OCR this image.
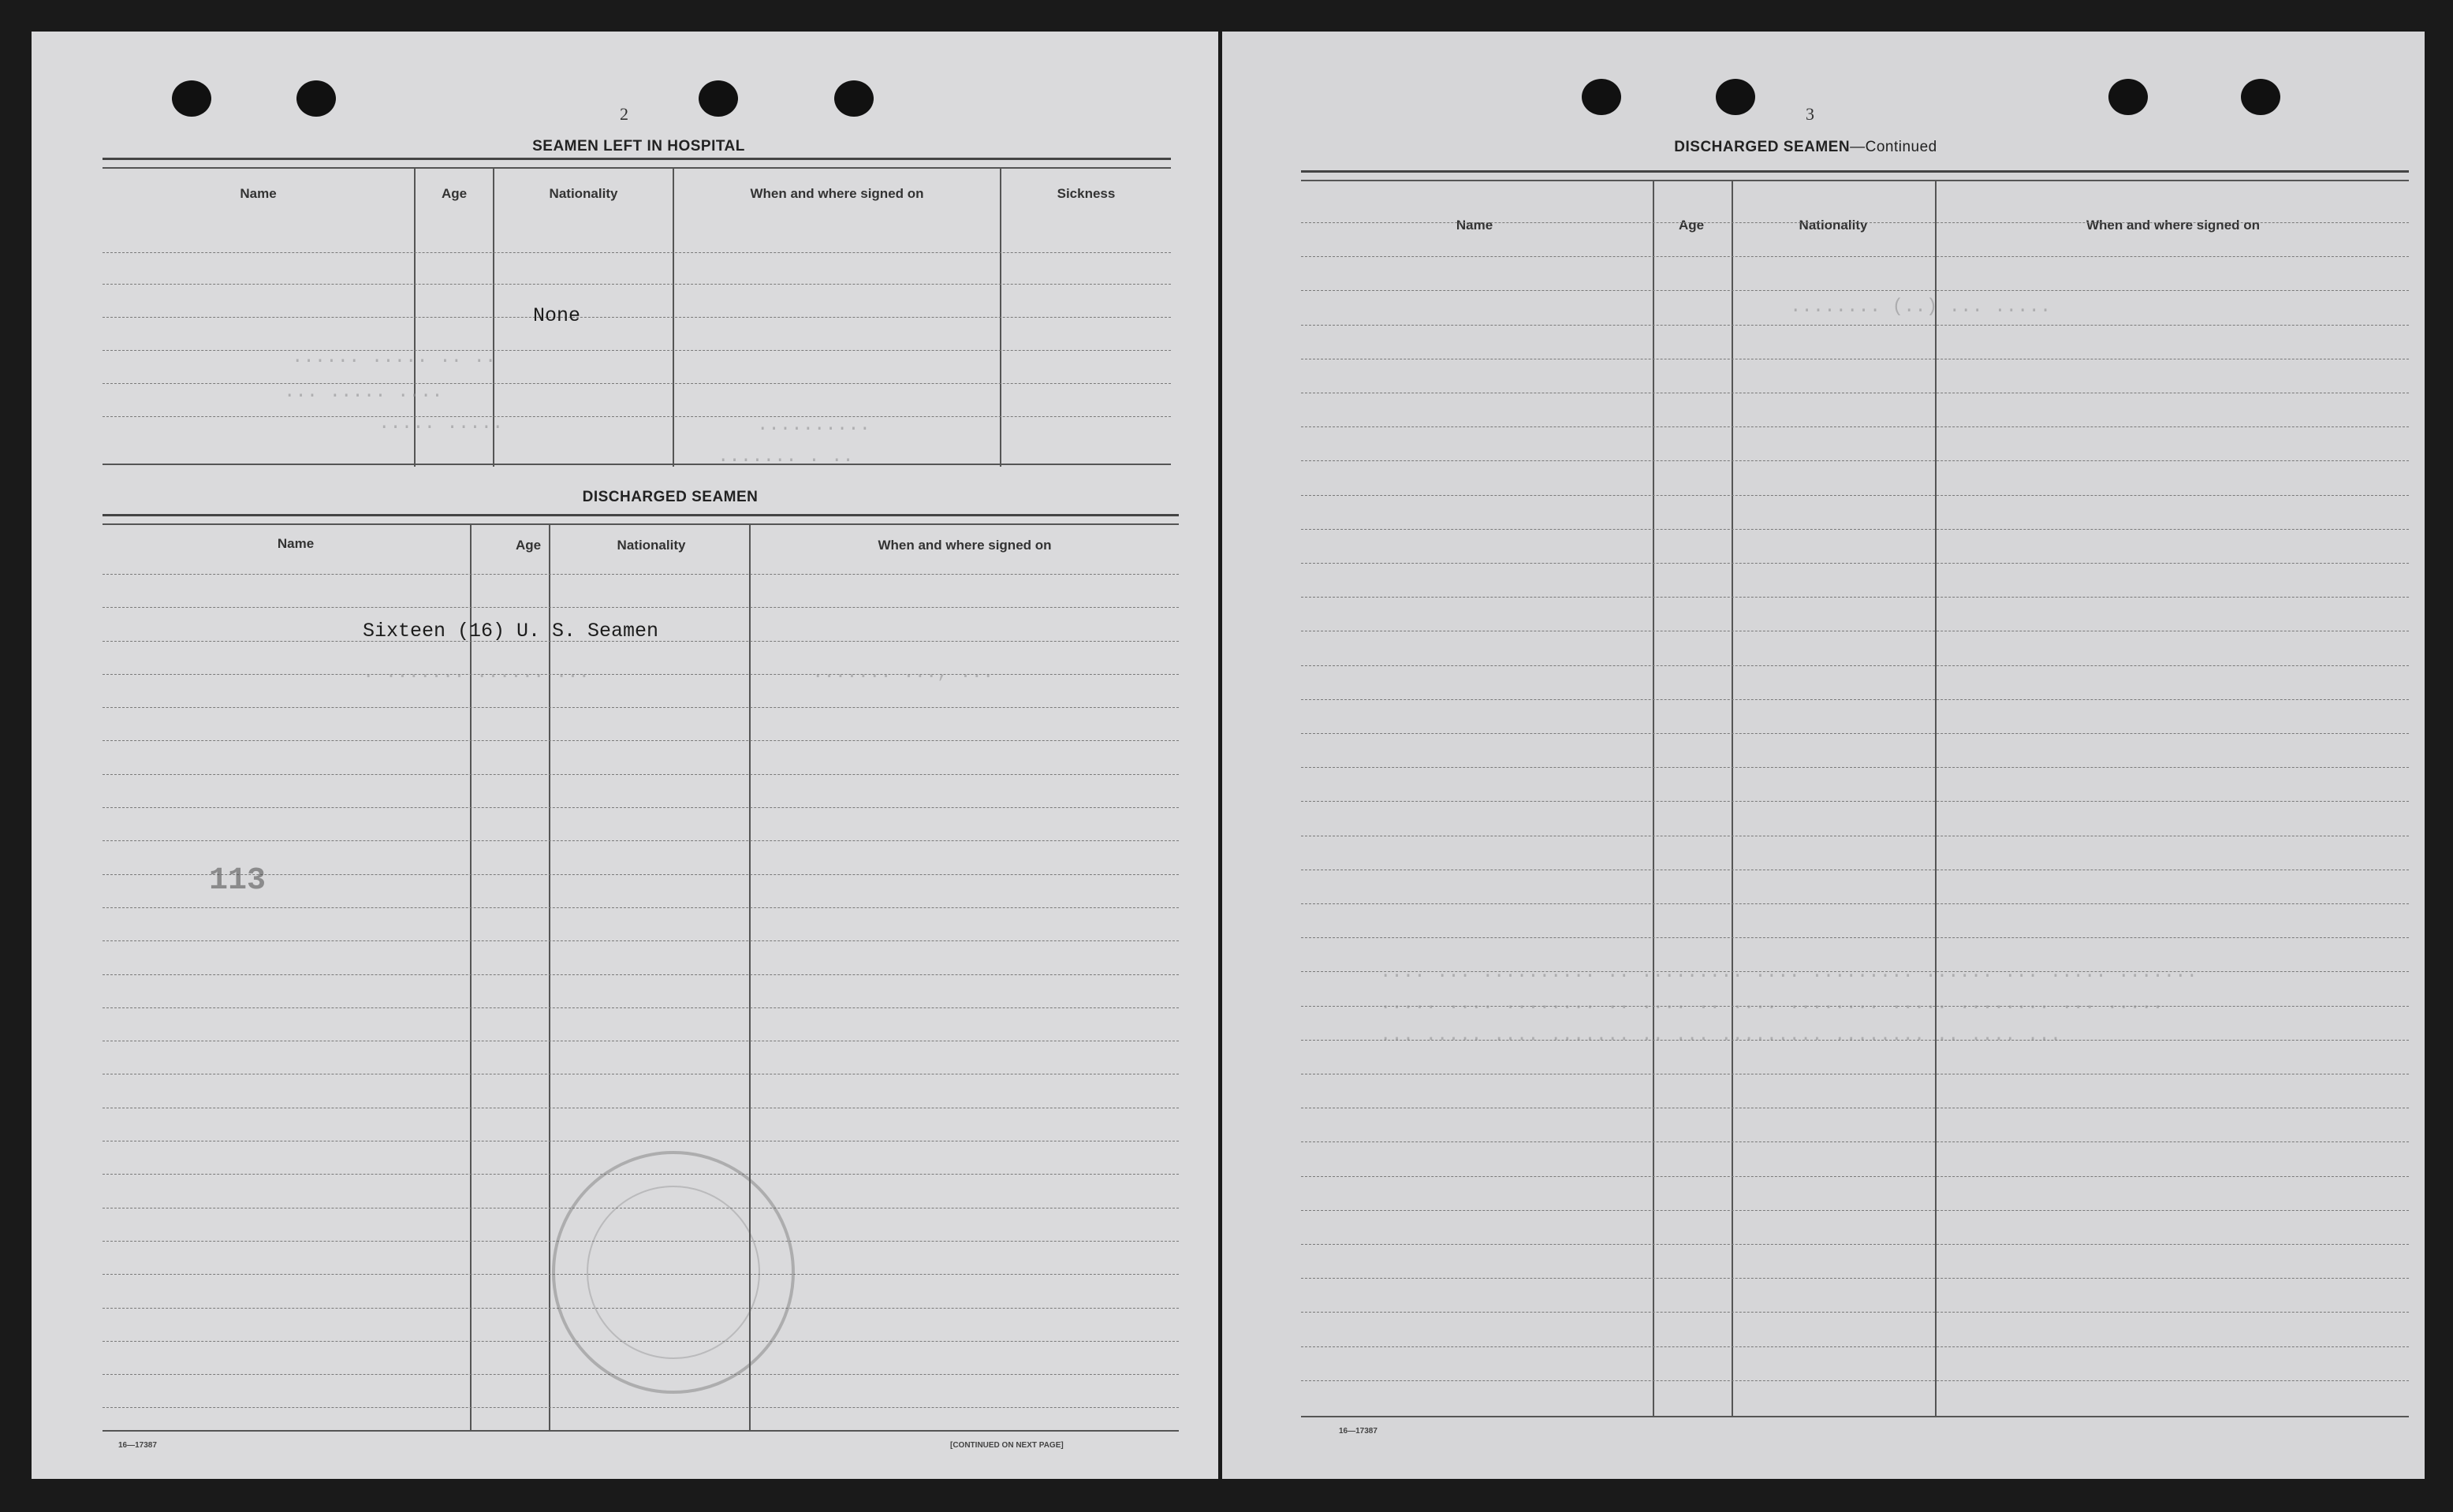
2
SEAMEN LEFT IN HOSPITAL
Name	Age	Nationality	When and where signed on	Sickness
None
...... ..... .. ..
... ..... ....
..... .....	..........
....... . ..
DISCHARGED SEAMEN
Name	Age	Nationality	When and where signed on
Sixteen (16) U. S. Seamen
. ....... ...... ...	....... ..., ...
113
16—17387	[CONTINUED ON NEXT PAGE]
3
DISCHARGED SEAMEN—Continued
Name	Age	Nationality	When and where signed on
........ (..) ... .....
.... ... .......... .. ......... .... ......... ...... ... ..... .......
..... .... ........ .. .... .. .... ........ ..... ........ ... .....
... ..... .... ....... .. ... ......... ........ .. .... ...
16—17387
